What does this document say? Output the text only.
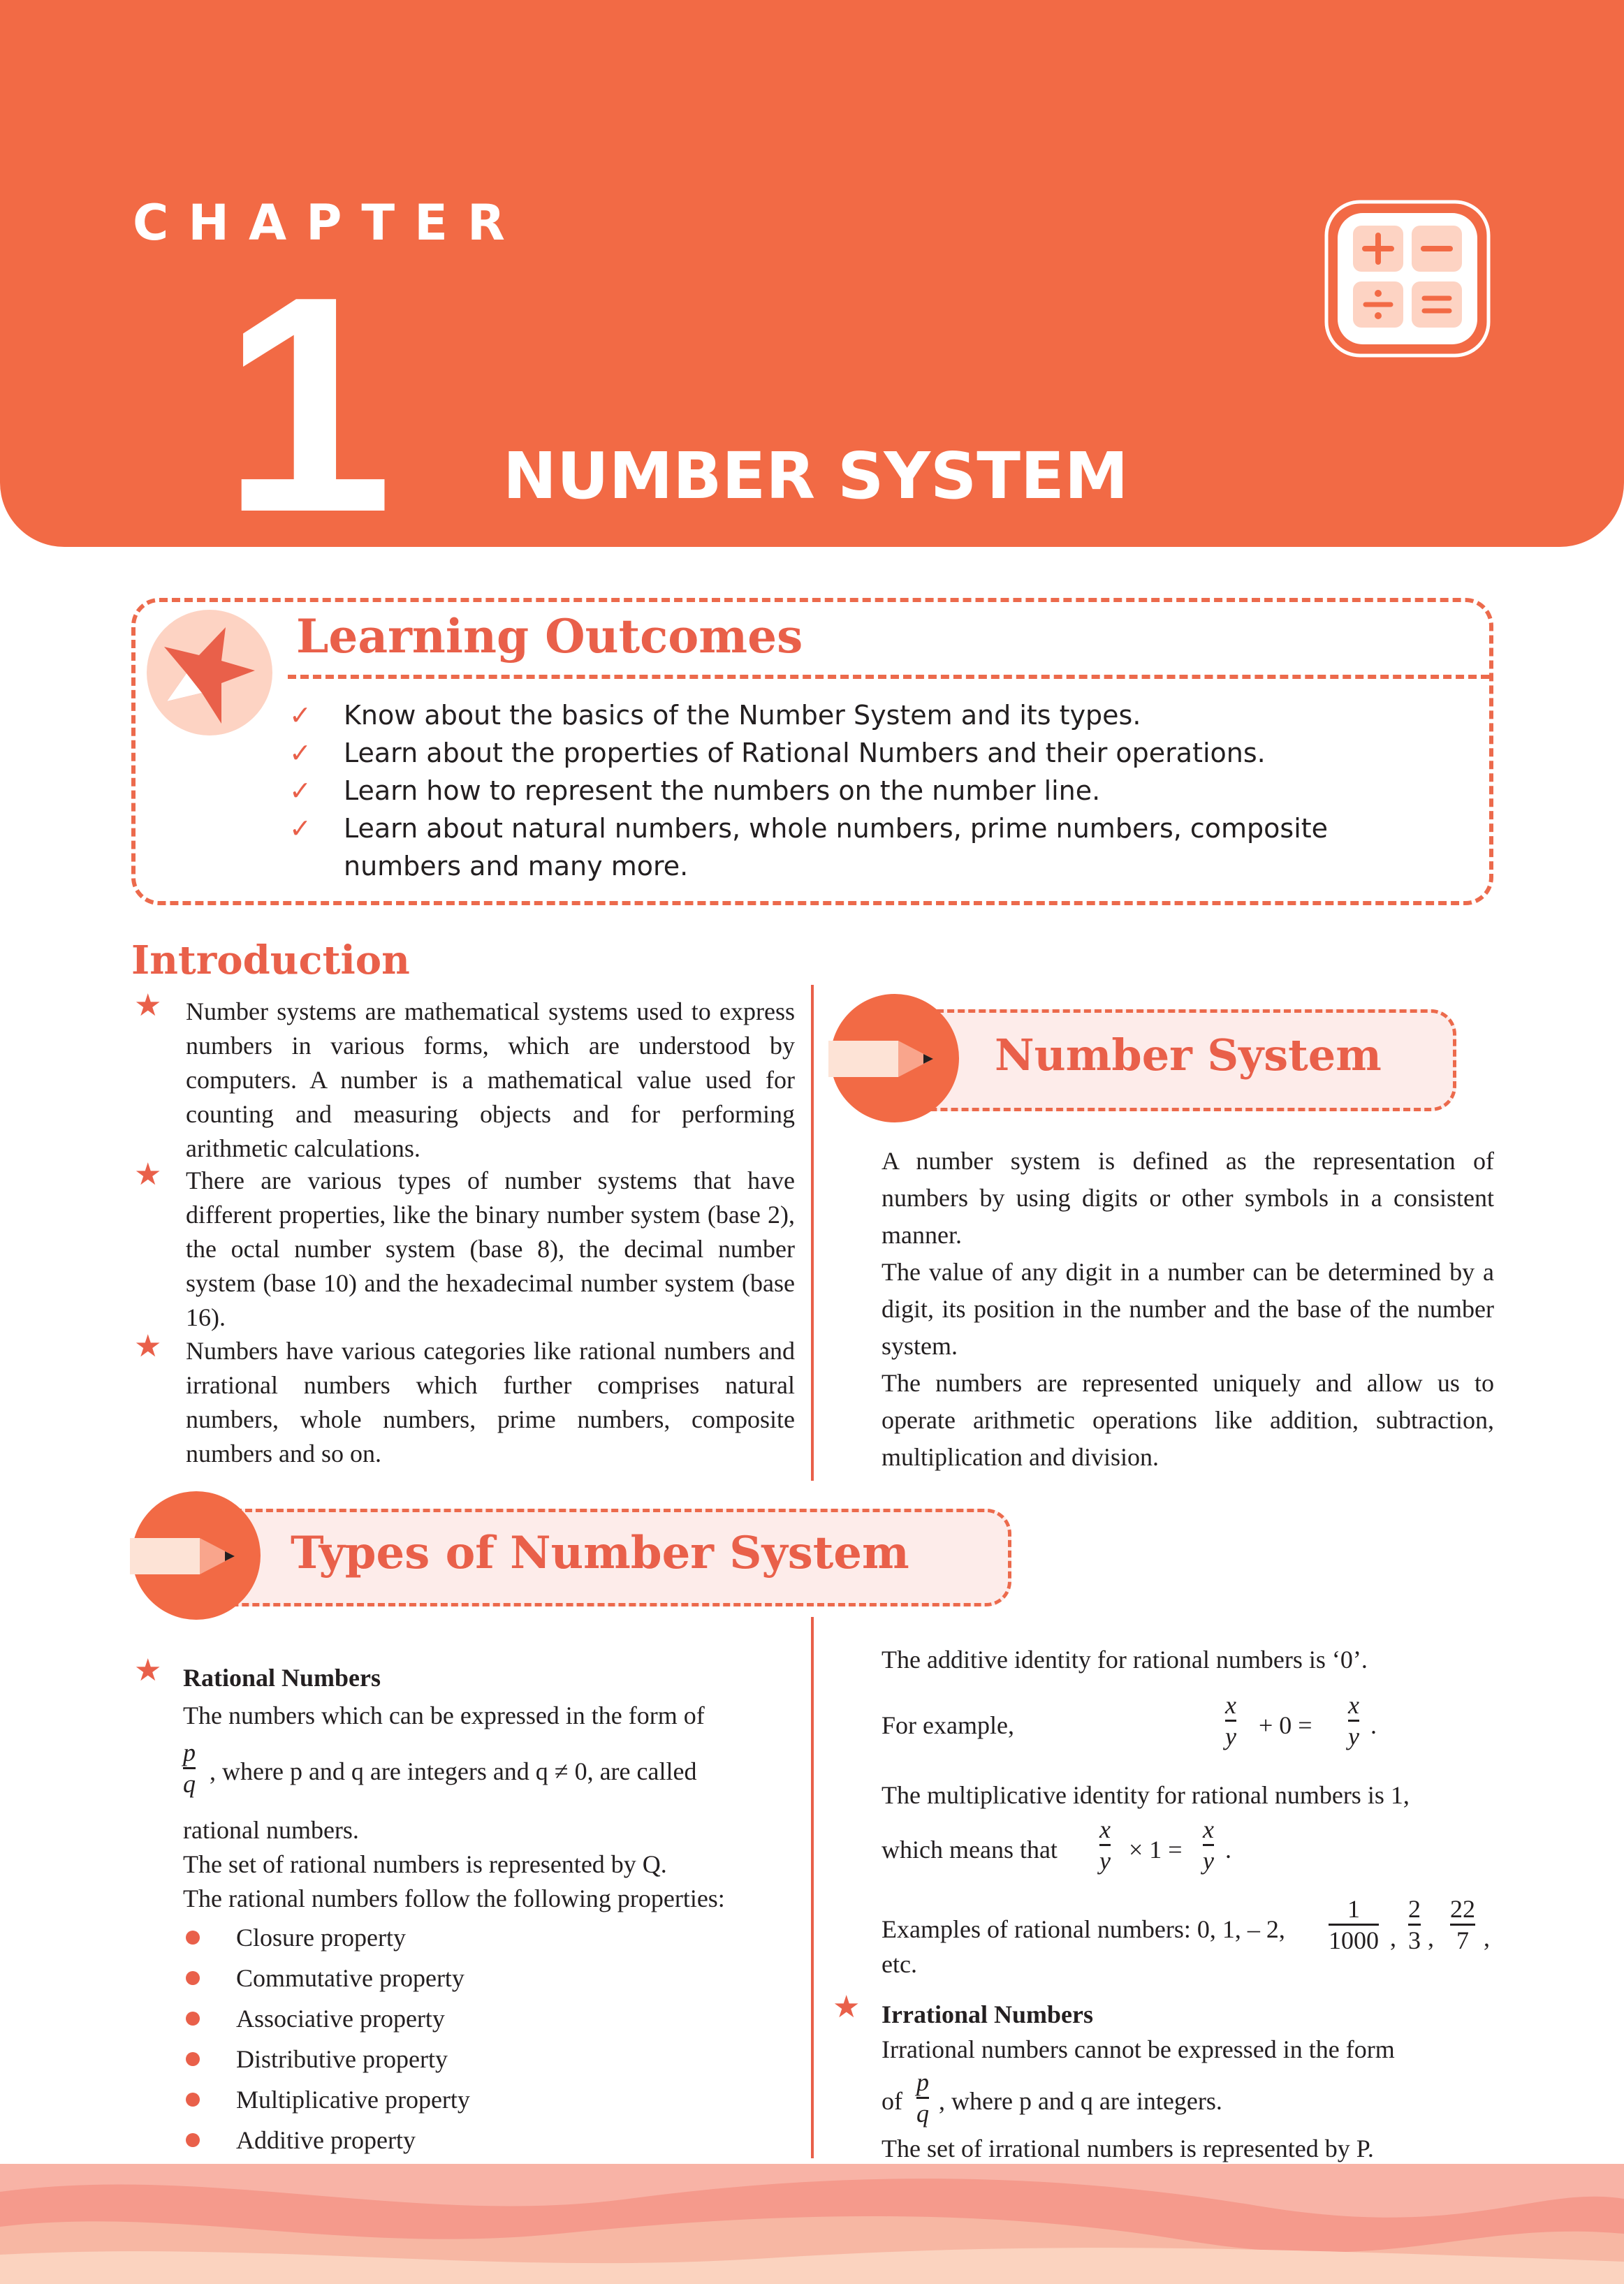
CHAPTER
1 NUMBER SYSTEM
Learning Outcomes
✓ Know about the basics of the Number System and its types.
✓ Learn about the properties of Rational Numbers and their operations.
✓ Learn how to represent the numbers on the number line.
✓ Learn about natural numbers, whole numbers, prime numbers, composite numbers and many more.
Introduction
★ Number systems are mathematical systems used to express numbers in various forms, which are understood by computers. A number is a mathematical value used for counting and measuring objects and for performing arithmetic calculations.
★ There are various types of number systems that have different properties, like the binary number system (base 2), the octal number system (base 8), the decimal number system (base 10) and the hexadecimal number system (base 16).
★ Numbers have various categories like rational numbers and irrational numbers which further comprises natural numbers, whole numbers, prime numbers, composite numbers and so on.
Number System
A number system is defined as the representation of numbers by using digits or other symbols in a consistent manner.
The value of any digit in a number can be determined by a digit, its position in the number and the base of the number system.
The numbers are represented uniquely and allow us to operate arithmetic operations like addition, subtraction, multiplication and division.
Types of Number System
★ Rational Numbers
The numbers which can be expressed in the form of
p
q , where p and q are integers and q ≠ 0, are called
rational numbers.
The set of rational numbers is represented by Q.
The rational numbers follow the following properties:
Closure property
Commutative property
Associative property
Distributive property
Multiplicative property
Additive property
The additive identity for rational numbers is ‘0’.
For example,
x
y + 0 =
x
y .
The multiplicative identity for rational numbers is 1,
which means that
x
y × 1 =
x
y .
Examples of rational numbers: 0, 1, – 2,
1
1000 ,
2
3 ,
22
7 ,
etc.
★ Irrational Numbers
Irrational numbers cannot be expressed in the form
of
p
q , where p and q are integers.
The set of irrational numbers is represented by P.
